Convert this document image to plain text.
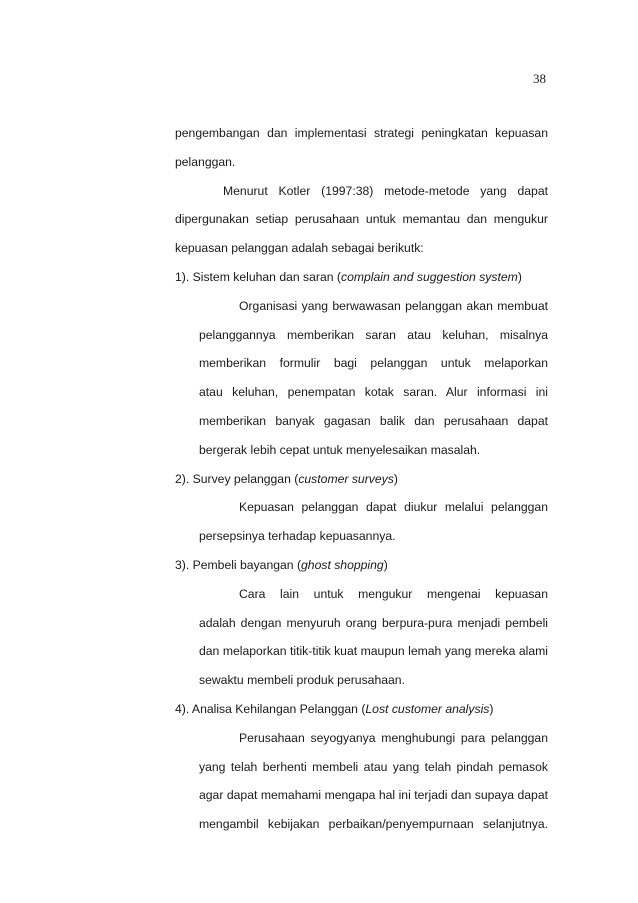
38
pengembangan dan implementasi strategi peningkatan kepuasan
pelanggan.
Menurut Kotler (1997:38) metode-metode yang dapat
dipergunakan setiap perusahaan untuk memantau dan mengukur
kepuasan pelanggan adalah sebagai berikutk:
1). Sistem keluhan dan saran (complain and suggestion system)
Organisasi yang berwawasan pelanggan akan membuat
pelanggannya memberikan saran atau keluhan, misalnya
memberikan formulir bagi pelanggan untuk melaporkan
atau keluhan, penempatan kotak saran. Alur informasi ini
memberikan banyak gagasan balik dan perusahaan dapat
bergerak lebih cepat untuk menyelesaikan masalah.
2). Survey pelanggan (customer surveys)
Kepuasan pelanggan dapat diukur melalui pelanggan
persepsinya terhadap kepuasannya.
3). Pembeli bayangan (ghost shopping)
Cara lain untuk mengukur mengenai kepuasan
adalah dengan menyuruh orang berpura-pura menjadi pembeli
dan melaporkan titik-titik kuat maupun lemah yang mereka alami
sewaktu membeli produk perusahaan.
4). Analisa Kehilangan Pelanggan (Lost customer analysis)
Perusahaan seyogyanya menghubungi para pelanggan
yang telah berhenti membeli atau yang telah pindah pemasok
agar dapat memahami mengapa hal ini terjadi dan supaya dapat
mengambil kebijakan perbaikan/penyempurnaan selanjutnya.
